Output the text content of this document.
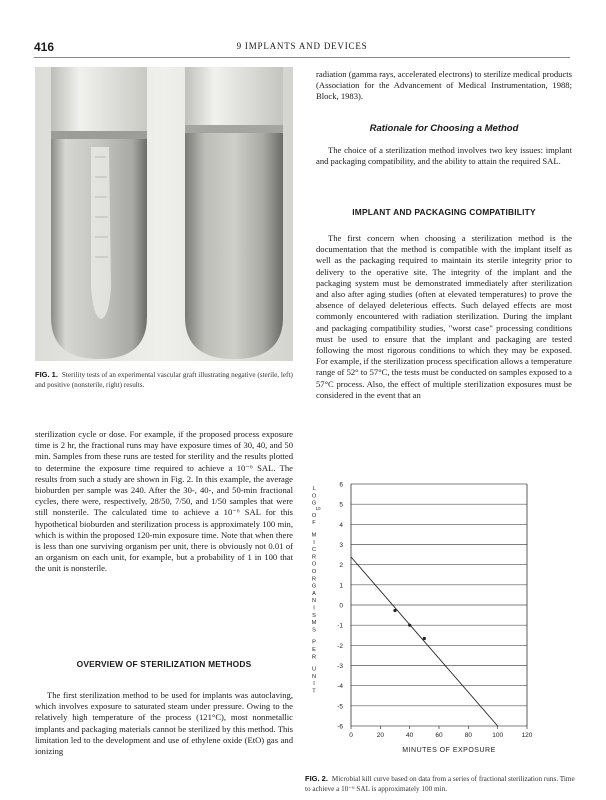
416	9 IMPLANTS AND DEVICES
FIG. 1. Sterility tests of an experimental vascular graft illustrating negative (sterile, left) and positive (nonsterile, right) results.

sterilization cycle or dose. For example, if the proposed process exposure time is 2 hr, the fractional runs may have exposure times of 30, 40, and 50 min. Samples from these runs are tested for sterility and the results plotted to determine the exposure time required to achieve a 10⁻⁶ SAL. The results from such a study are shown in Fig. 2. In this example, the average bioburden per sample was 240. After the 30-, 40-, and 50-min fractional cycles, there were, respectively, 28/50, 7/50, and 1/50 samples that were still nonsterile. The calculated time to achieve a 10⁻⁶ SAL for this hypothetical bioburden and sterilization process is approximately 100 min, which is within the proposed 120-min exposure time. Note that when there is less than one surviving organism per unit, there is obviously not 0.01 of an organism on each unit, for example, but a probability of 1 in 100 that the unit is nonsterile.

OVERVIEW OF STERILIZATION METHODS

The first sterilization method to be used for implants was autoclaving, which involves exposure to saturated steam under pressure. Owing to the relatively high temperature of the process (121°C), most nonmetallic implants and packaging materials cannot be sterilized by this method. This limitation led to the development and use of ethylene oxide (EtO) gas and ionizing

radiation (gamma rays, accelerated electrons) to sterilize medical products (Association for the Advancement of Medical Instrumentation, 1988; Block, 1983).

Rationale for Choosing a Method

The choice of a sterilization method involves two key issues: implant and packaging compatibility, and the ability to attain the required SAL.

IMPLANT AND PACKAGING COMPATIBILITY

The first concern when choosing a sterilization method is the documentation that the method is compatible with the implant itself as well as the packaging required to maintain its sterile integrity prior to delivery to the operative site. The integrity of the implant and the packaging system must be demonstrated immediately after sterilization and also after aging studies (often at elevated temperatures) to prove the absence of delayed deleterious effects. Such delayed effects are most commonly encountered with radiation sterilization. During the implant and packaging compatibility studies, "worst case" processing conditions must be used to ensure that the implant and packaging are tested following the most rigorous conditions to which they may be exposed. For example, if the sterilization process specification allows a temperature range of 52° to 57°C, the tests must be conducted on samples exposed to a 57°C process. Also, the effect of multiple sterilization exposures must be considered in the event that an

6
5
4
3
2
1
0
-1
-2
-3
-4
-5
-6
0	20	40	60	80	100	120
MINUTES OF EXPOSURE
L
O
G
10
O
F
M
I
C
R
O
O
R
G
A
N
I
S
M
S
P
E
R
U
N
I
T
FIG. 2. Microbial kill curve based on data from a series of fractional sterilization runs. Time to achieve a 10⁻⁶ SAL is approximately 100 min.
